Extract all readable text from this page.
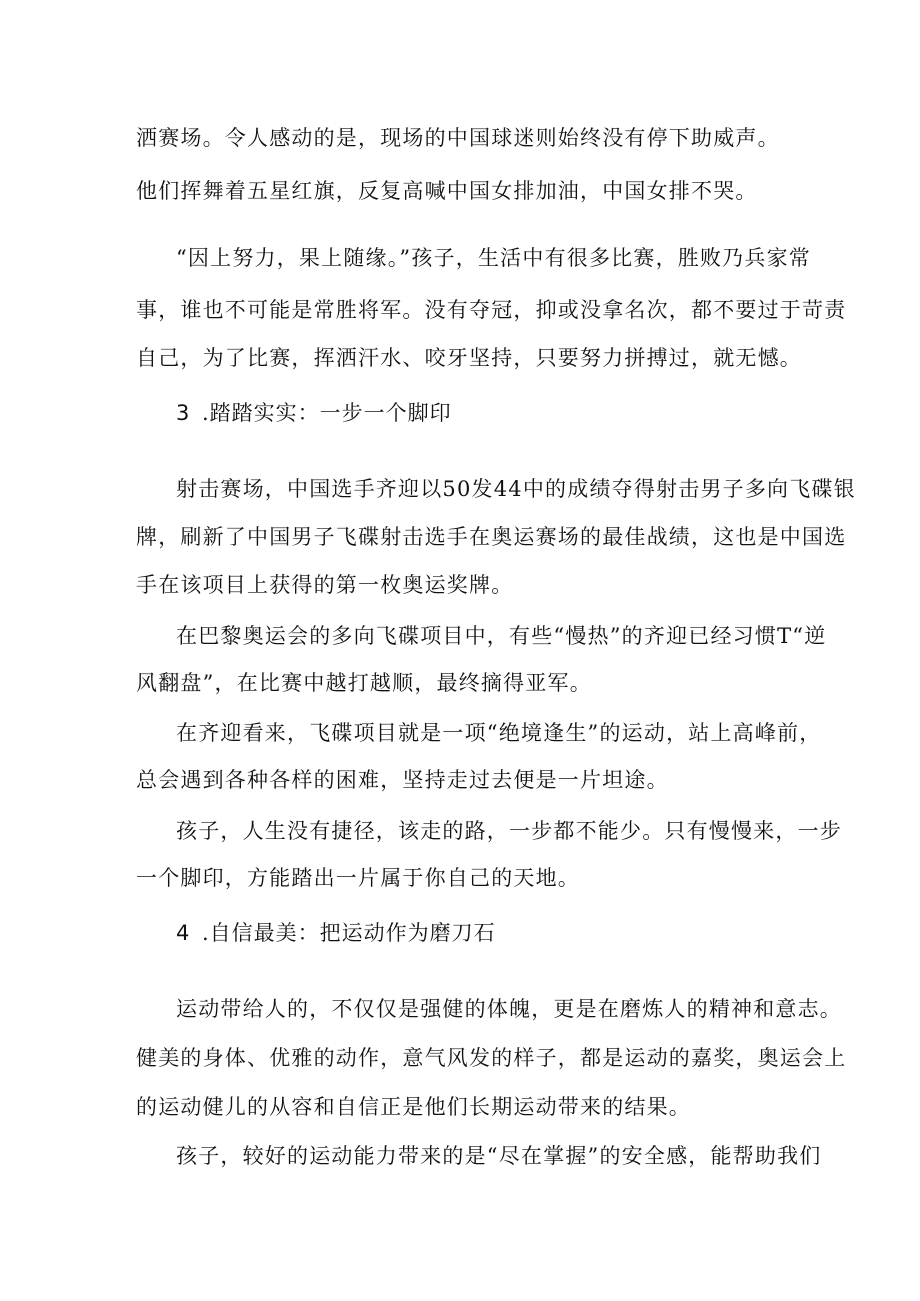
洒赛场。令人感动的是，现场的中国球迷则始终没有停下助威声。
他们挥舞着五星红旗，反复高喊中国女排加油，中国女排不哭。
“因上努力，果上随缘。”孩子，生活中有很多比赛，胜败乃兵家常
事，谁也不可能是常胜将军。没有夺冠，抑或没拿名次，都不要过于苛责
自己，为了比赛，挥洒汗水、咬牙坚持，只要努力拼搏过，就无憾。
3 .踏踏实实：一步一个脚印
射击赛场，中国选手齐迎以50发44中的成绩夺得射击男子多向飞碟银
牌，刷新了中国男子飞碟射击选手在奥运赛场的最佳战绩，这也是中国选
手在该项目上获得的第一枚奥运奖牌。
在巴黎奥运会的多向飞碟项目中，有些“慢热”的齐迎已经习惯T“逆
风翻盘”，在比赛中越打越顺，最终摘得亚军。
在齐迎看来，飞碟项目就是一项“绝境逢生”的运动，站上高峰前，
总会遇到各种各样的困难，坚持走过去便是一片坦途。
孩子，人生没有捷径，该走的路，一步都不能少。只有慢慢来，一步
一个脚印，方能踏出一片属于你自己的天地。
4 .自信最美：把运动作为磨刀石
运动带给人的，不仅仅是强健的体魄，更是在磨炼人的精神和意志。
健美的身体、优雅的动作，意气风发的样子，都是运动的嘉奖，奥运会上
的运动健儿的从容和自信正是他们长期运动带来的结果。
孩子，较好的运动能力带来的是“尽在掌握”的安全感，能帮助我们
